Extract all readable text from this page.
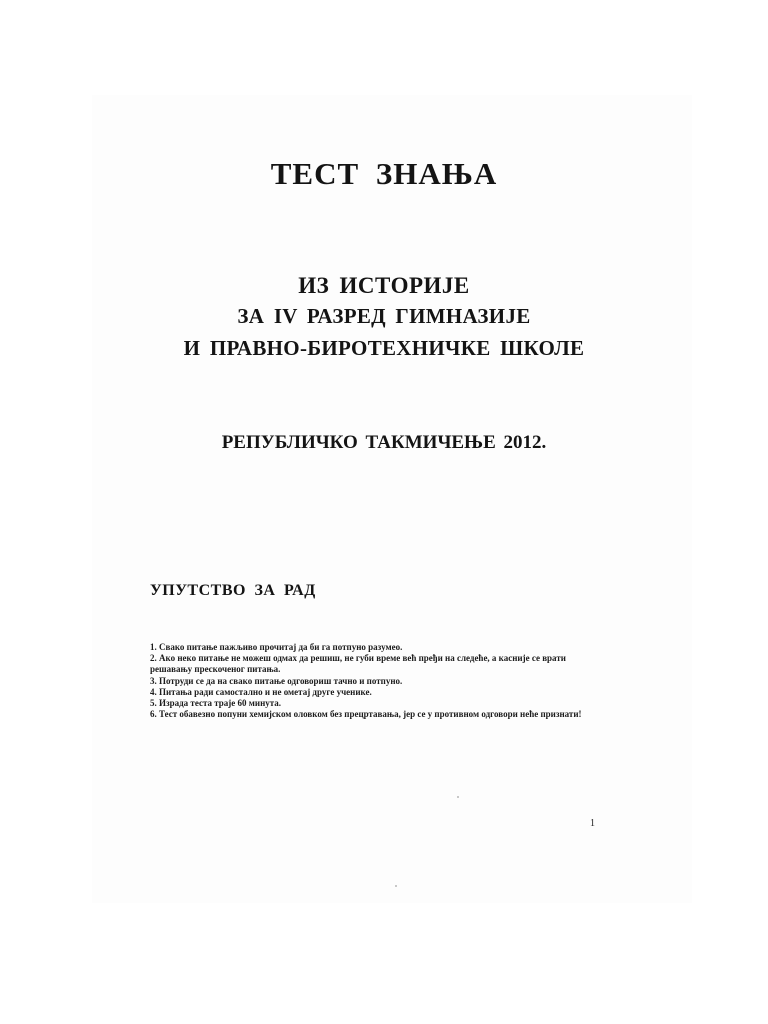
ТЕСТ ЗНАЊА
ИЗ ИСТОРИЈЕ
ЗА IV РАЗРЕД ГИМНАЗИЈЕ
И ПРАВНО-БИРОТЕХНИЧКЕ ШКОЛЕ
РЕПУБЛИЧКО ТАКМИЧЕЊЕ 2012.
УПУТСТВО ЗА РАД
1. Свако питање пажљиво прочитај да би га потпуно разумео.
2. Ако неко питање не можеш одмах да решиш, не губи време већ пређи на следеће, а касније се врати решавању прескоченог питања.
3. Потруди се да на свако питање одговориш тачно и потпуно.
4. Питања ради самостално и не ометај друге ученике.
5. Израда теста траје 60 минута.
6. Тест обавезно попуни хемијском оловком без прецртавања, јер се у противном одговори неће признати!
1
